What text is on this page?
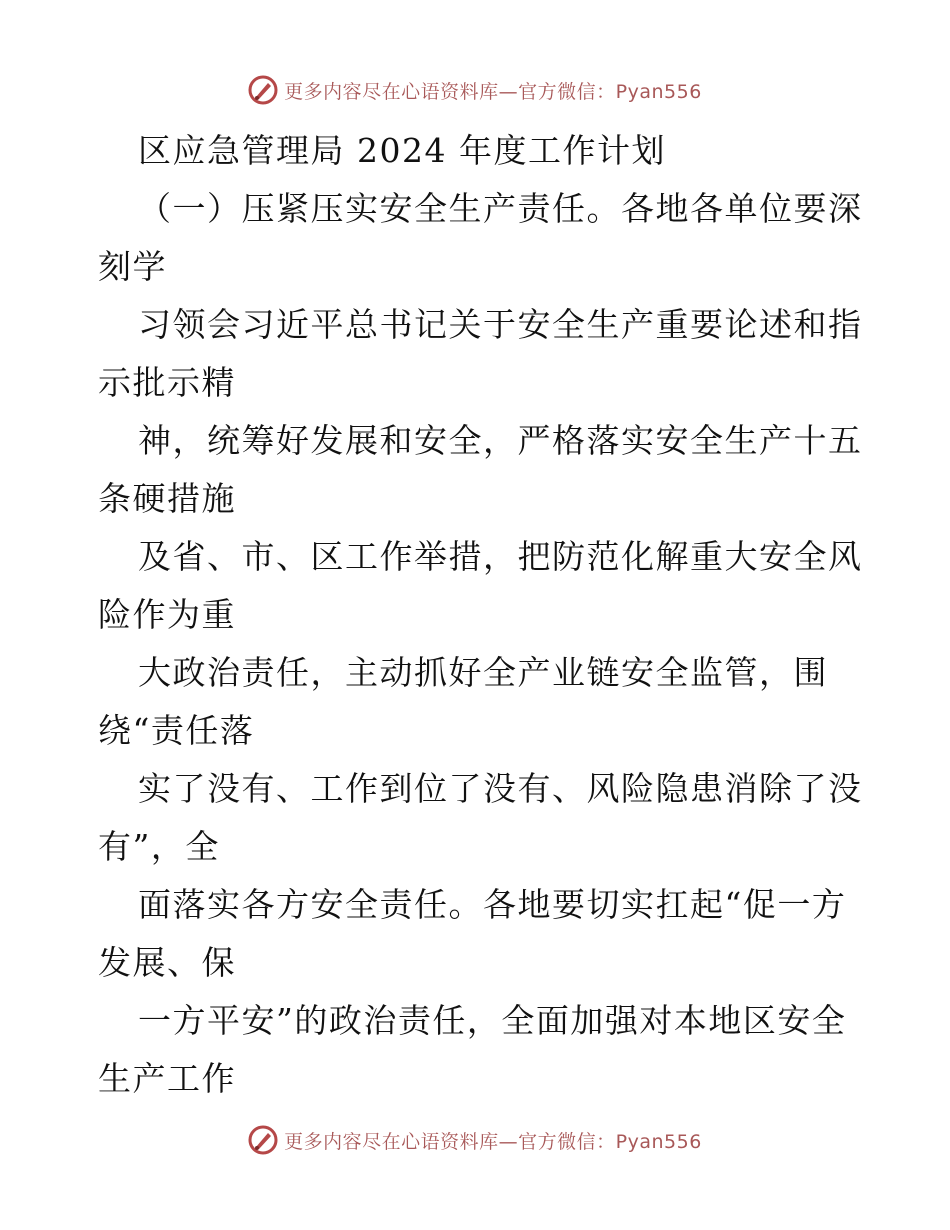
更多内容尽在心语资料库—官方微信：Pyan556
区应急管理局 2024 年度工作计划
（一）压紧压实安全生产责任。各地各单位要深
刻学
习领会习近平总书记关于安全生产重要论述和指
示批示精
神，统筹好发展和安全，严格落实安全生产十五
条硬措施
及省、市、区工作举措，把防范化解重大安全风
险作为重
大政治责任，主动抓好全产业链安全监管，围
绕“责任落
实了没有、工作到位了没有、风险隐患消除了没
有”，全
面落实各方安全责任。各地要切实扛起“促一方
发展、保
一方平安”的政治责任，全面加强对本地区安全
生产工作
更多内容尽在心语资料库—官方微信：Pyan556
